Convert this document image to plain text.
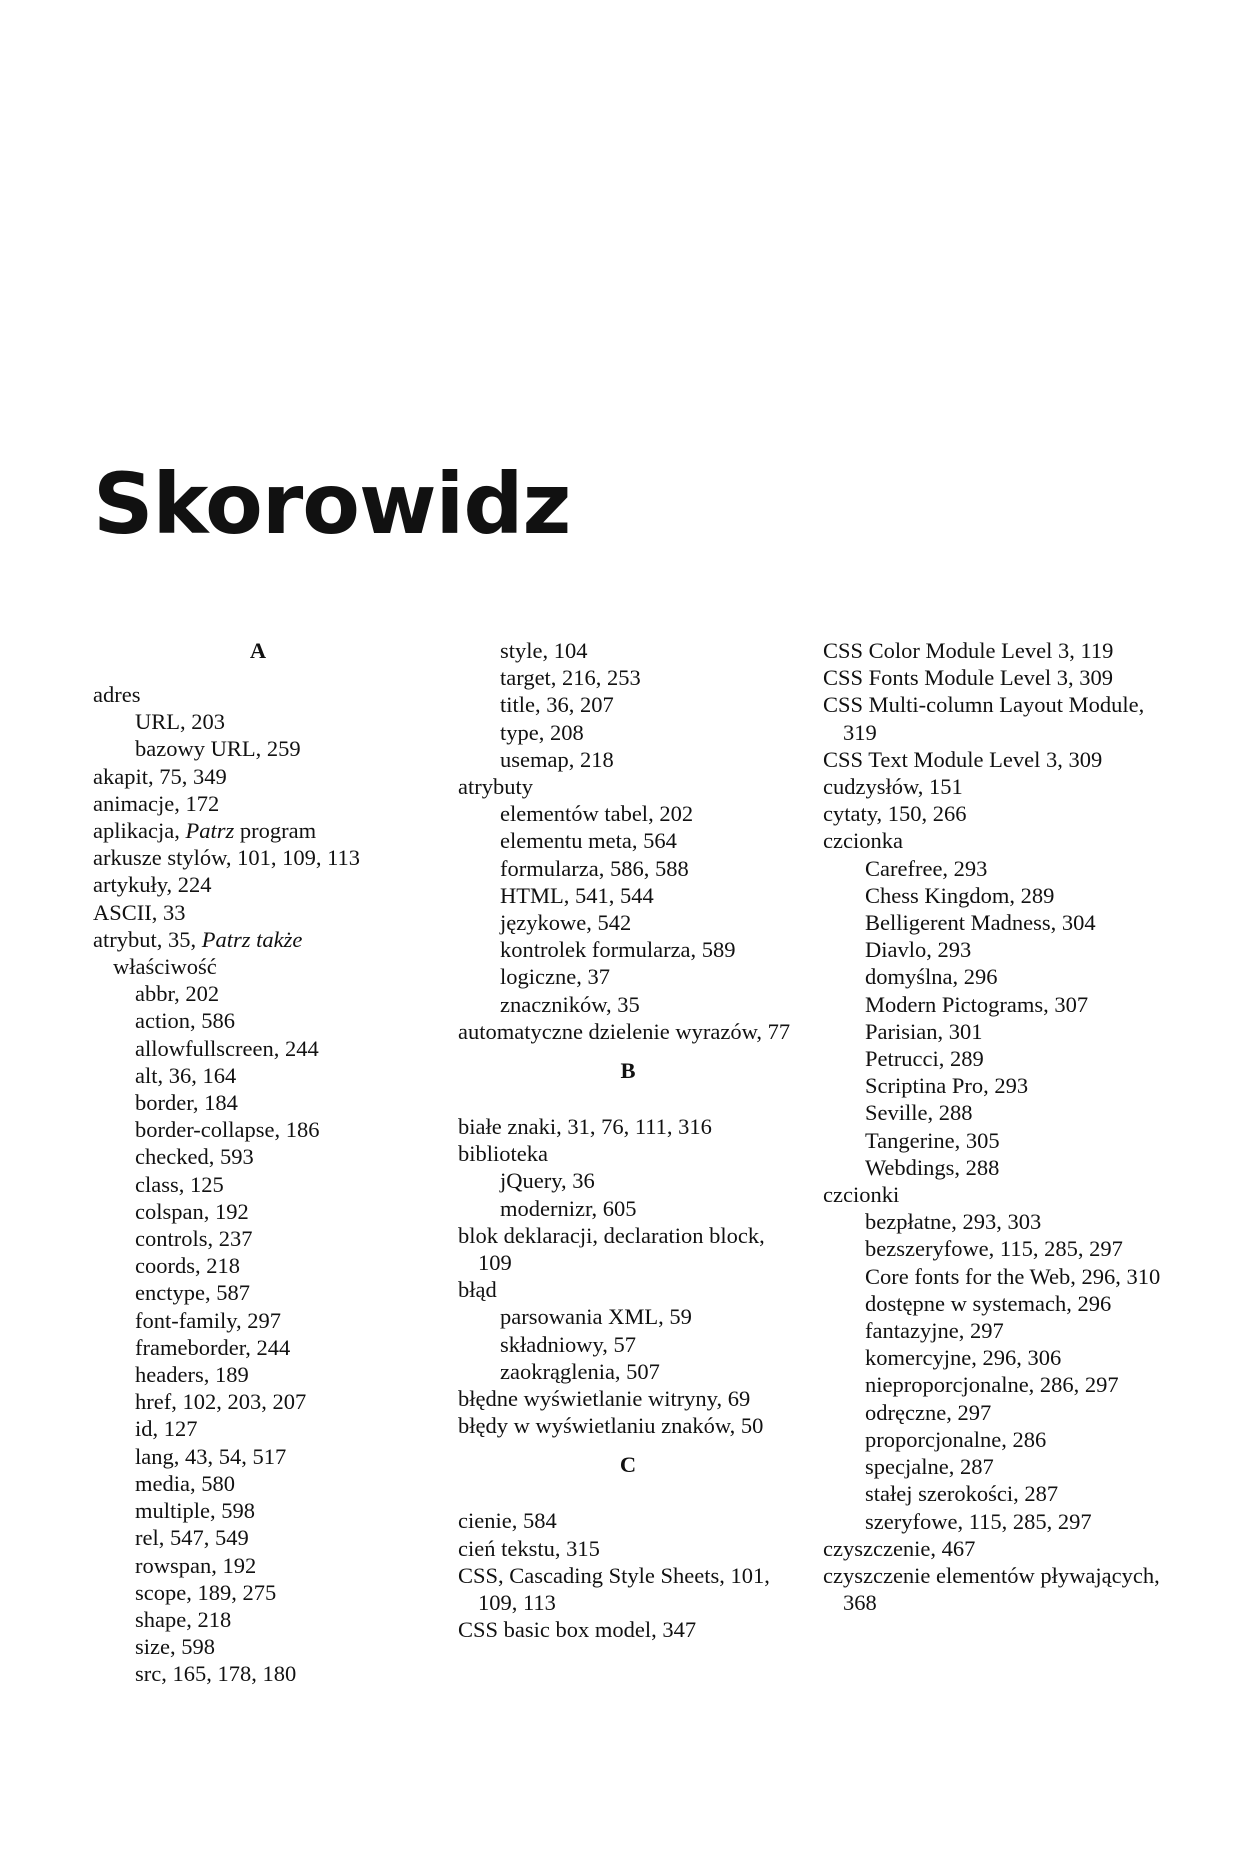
Skorowidz
A
adres
URL, 203
bazowy URL, 259
akapit, 75, 349
animacje, 172
aplikacja, Patrz program
arkusze stylów, 101, 109, 113
artykuły, 224
ASCII, 33
atrybut, 35, Patrz także
właściwość
abbr, 202
action, 586
allowfullscreen, 244
alt, 36, 164
border, 184
border-collapse, 186
checked, 593
class, 125
colspan, 192
controls, 237
coords, 218
enctype, 587
font-family, 297
frameborder, 244
headers, 189
href, 102, 203, 207
id, 127
lang, 43, 54, 517
media, 580
multiple, 598
rel, 547, 549
rowspan, 192
scope, 189, 275
shape, 218
size, 598
src, 165, 178, 180
style, 104
target, 216, 253
title, 36, 207
type, 208
usemap, 218
atrybuty
elementów tabel, 202
elementu meta, 564
formularza, 586, 588
HTML, 541, 544
językowe, 542
kontrolek formularza, 589
logiczne, 37
znaczników, 35
automatyczne dzielenie wyrazów, 77
B
białe znaki, 31, 76, 111, 316
biblioteka
jQuery, 36
modernizr, 605
blok deklaracji, declaration block, 109
błąd
parsowania XML, 59
składniowy, 57
zaokrąglenia, 507
błędne wyświetlanie witryny, 69
błędy w wyświetlaniu znaków, 50
C
cienie, 584
cień tekstu, 315
CSS, Cascading Style Sheets, 101, 109, 113
CSS basic box model, 347
CSS Color Module Level 3, 119
CSS Fonts Module Level 3, 309
CSS Multi-column Layout Module, 319
CSS Text Module Level 3, 309
cudzysłów, 151
cytaty, 150, 266
czcionka
Carefree, 293
Chess Kingdom, 289
Belligerent Madness, 304
Diavlo, 293
domyślna, 296
Modern Pictograms, 307
Parisian, 301
Petrucci, 289
Scriptina Pro, 293
Seville, 288
Tangerine, 305
Webdings, 288
czcionki
bezpłatne, 293, 303
bezszeryfowe, 115, 285, 297
Core fonts for the Web, 296, 310
dostępne w systemach, 296
fantazyjne, 297
komercyjne, 296, 306
nieproporcjonalne, 286, 297
odręczne, 297
proporcjonalne, 286
specjalne, 287
stałej szerokości, 287
szeryfowe, 115, 285, 297
czyszczenie, 467
czyszczenie elementów pływających, 368
